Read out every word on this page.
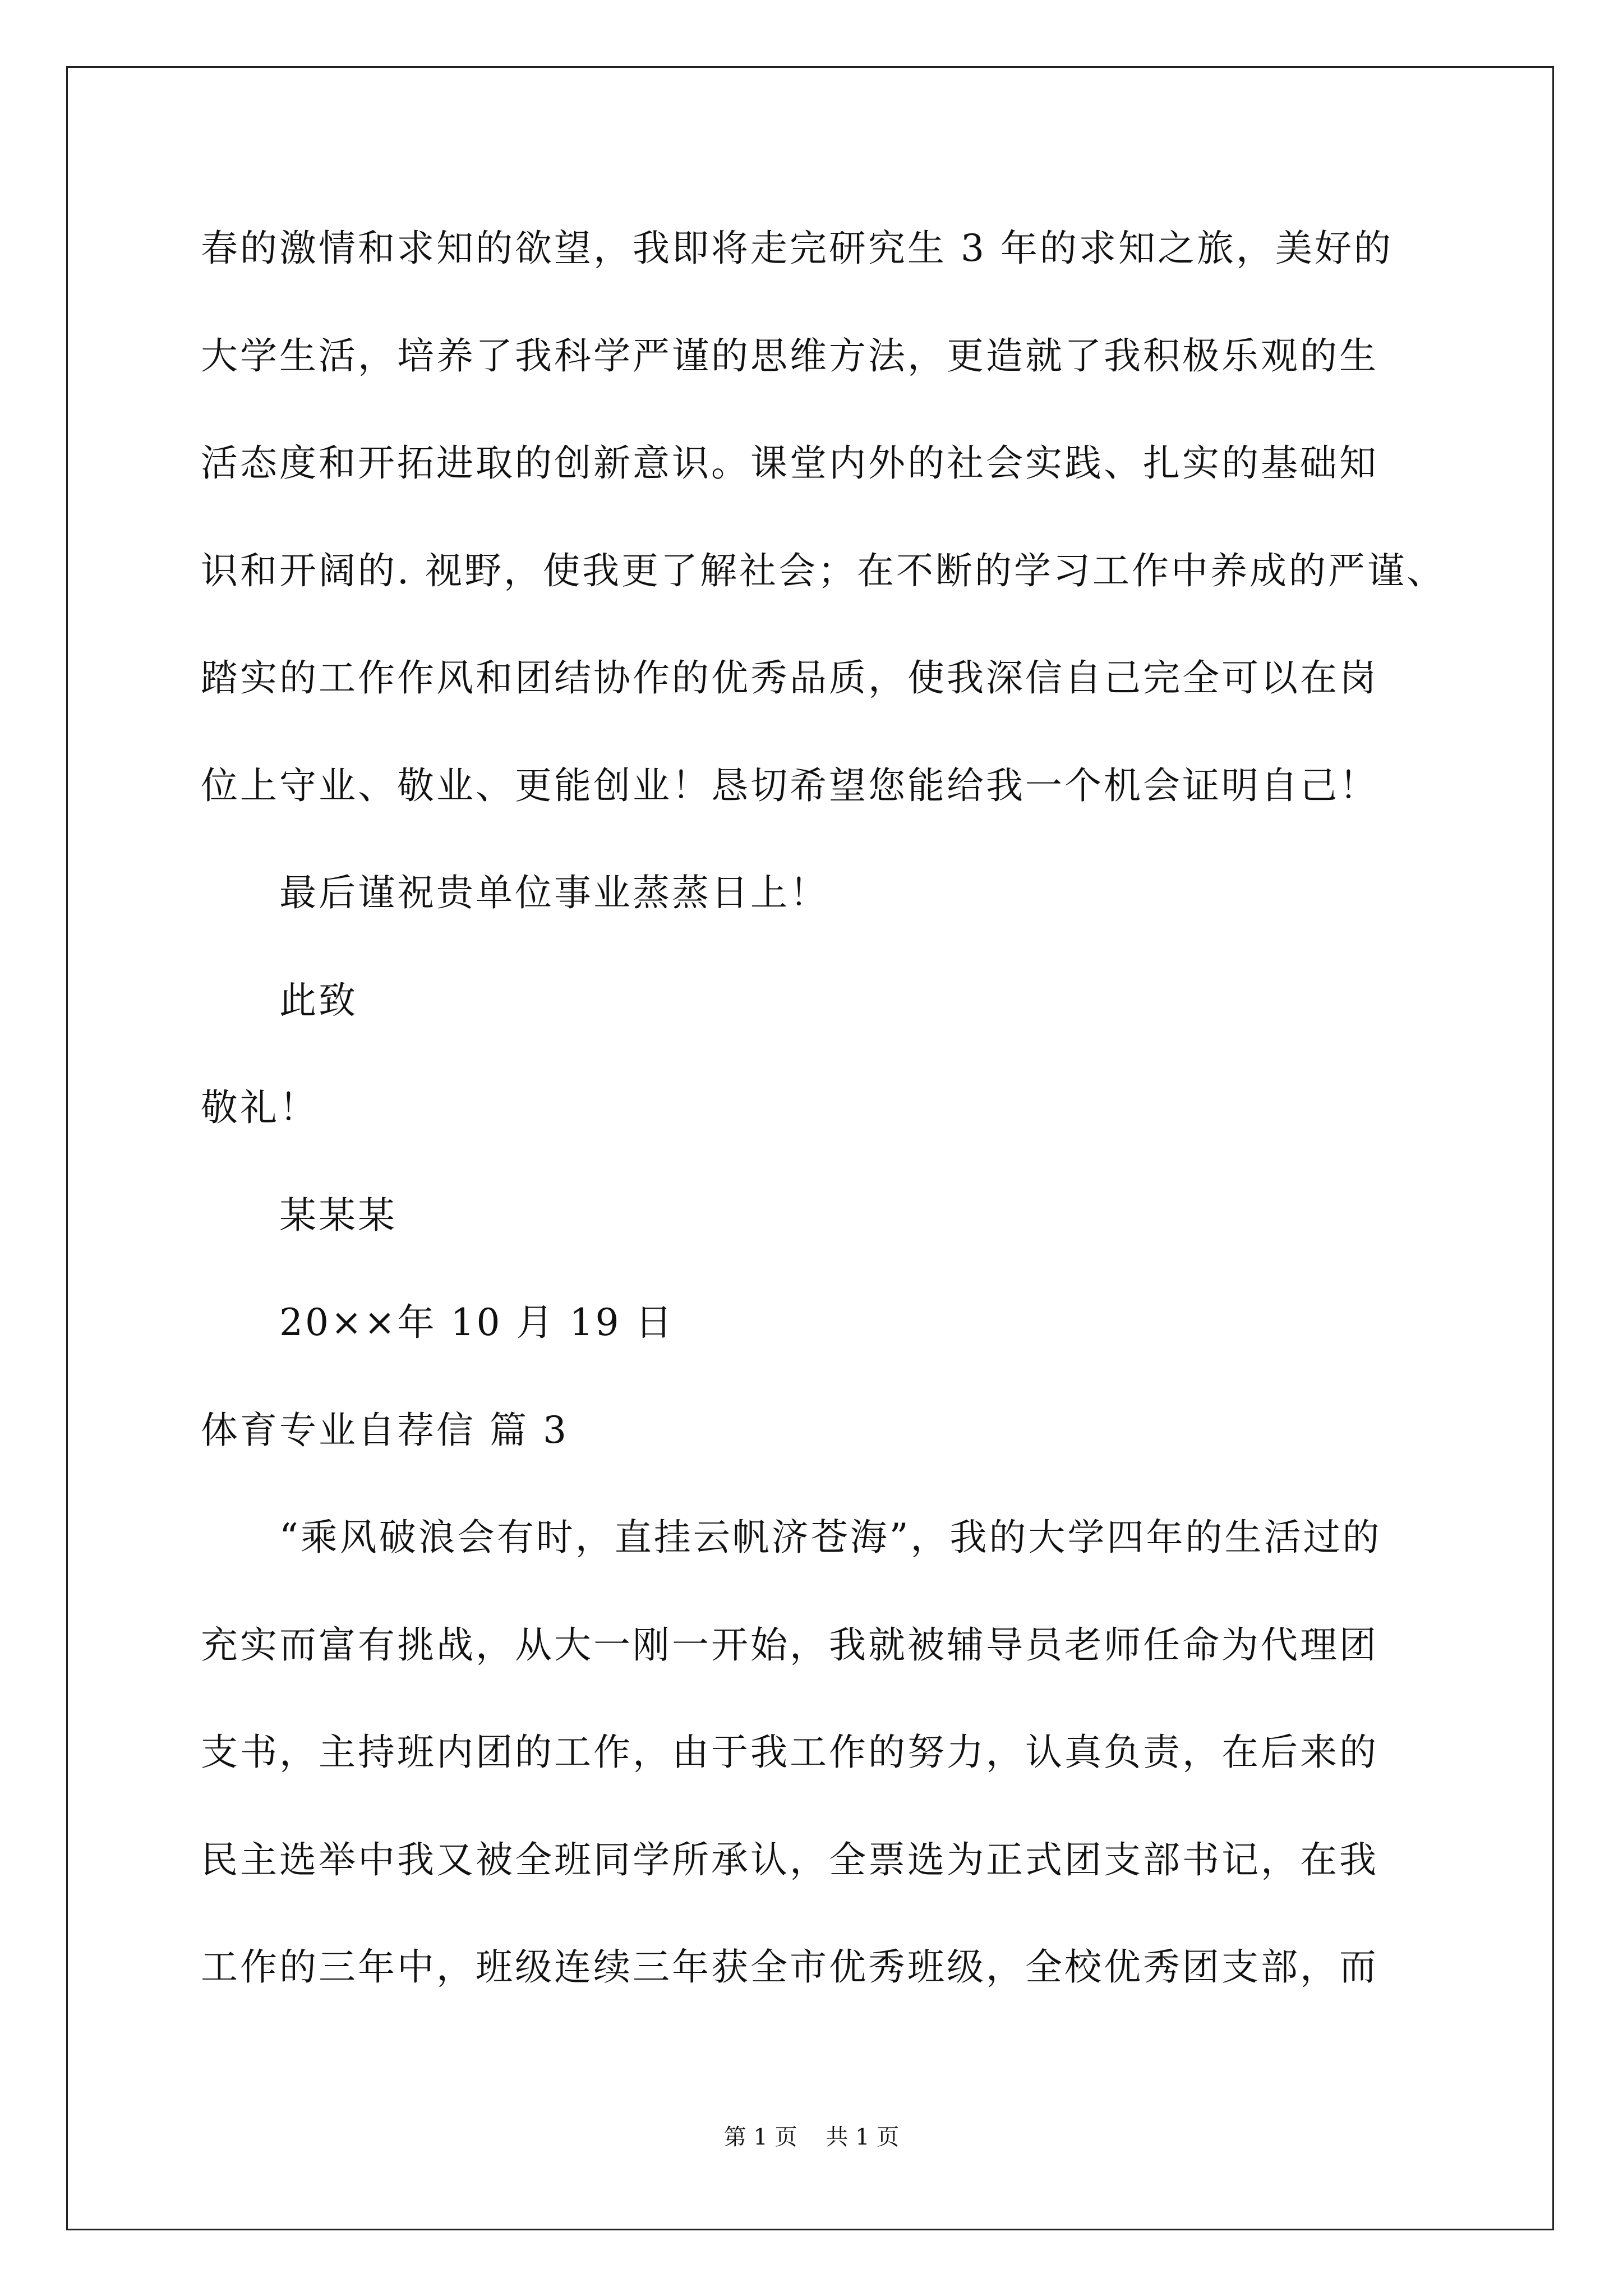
春的激情和求知的欲望，我即将走完研究生 3 年的求知之旅，美好的
大学生活，培养了我科学严谨的思维方法，更造就了我积极乐观的生
活态度和开拓进取的创新意识。课堂内外的社会实践、扎实的基础知
识和开阔的. 视野，使我更了解社会；在不断的学习工作中养成的严谨、
踏实的工作作风和团结协作的优秀品质，使我深信自己完全可以在岗
位上守业、敬业、更能创业！恳切希望您能给我一个机会证明自己！
最后谨祝贵单位事业蒸蒸日上！
此致
敬礼！
某某某
20××年 10 月 19 日
体育专业自荐信 篇 3
“乘风破浪会有时，直挂云帆济苍海”，我的大学四年的生活过的
充实而富有挑战，从大一刚一开始，我就被辅导员老师任命为代理团
支书，主持班内团的工作，由于我工作的努力，认真负责，在后来的
民主选举中我又被全班同学所承认，全票选为正式团支部书记，在我
工作的三年中，班级连续三年获全市优秀班级，全校优秀团支部，而
第 1 页    共 1 页
